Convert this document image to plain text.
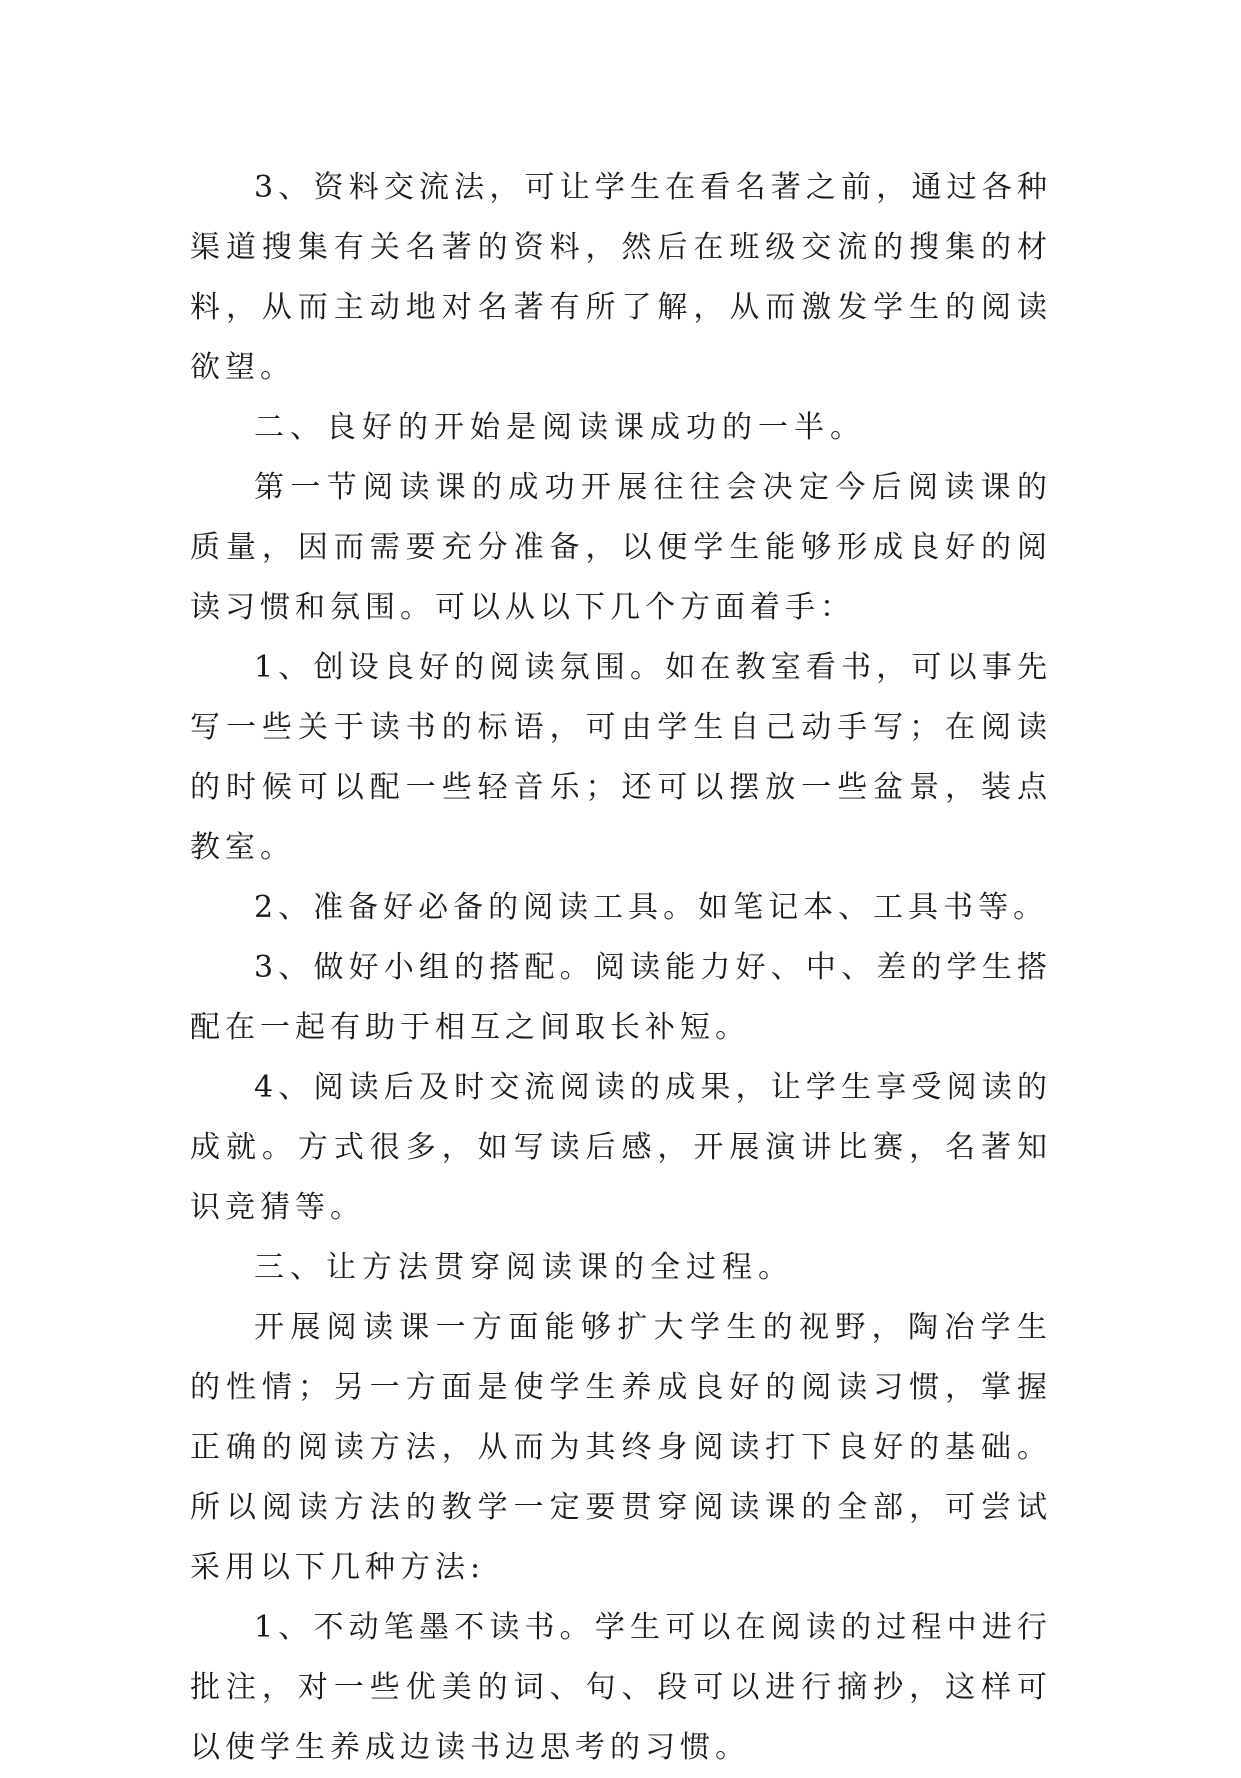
3、资料交流法，可让学生在看名著之前，通过各种渠道搜集有关名著的资料，然后在班级交流的搜集的材料，从而主动地对名著有所了解，从而激发学生的阅读欲望。

二、良好的开始是阅读课成功的一半。

第一节阅读课的成功开展往往会决定今后阅读课的质量，因而需要充分准备，以便学生能够形成良好的阅读习惯和氛围。可以从以下几个方面着手：

1、创设良好的阅读氛围。如在教室看书，可以事先写一些关于读书的标语，可由学生自己动手写；在阅读的时候可以配一些轻音乐；还可以摆放一些盆景，装点教室。

2、准备好必备的阅读工具。如笔记本、工具书等。

3、做好小组的搭配。阅读能力好、中、差的学生搭配在一起有助于相互之间取长补短。

4、阅读后及时交流阅读的成果，让学生享受阅读的成就。方式很多，如写读后感，开展演讲比赛，名著知识竞猜等。

三、让方法贯穿阅读课的全过程。

开展阅读课一方面能够扩大学生的视野，陶冶学生的性情；另一方面是使学生养成良好的阅读习惯，掌握正确的阅读方法，从而为其终身阅读打下良好的基础。所以阅读方法的教学一定要贯穿阅读课的全部，可尝试采用以下几种方法:

1、不动笔墨不读书。学生可以在阅读的过程中进行批注，对一些优美的词、句、段可以进行摘抄，这样可以使学生养成边读书边思考的习惯。
